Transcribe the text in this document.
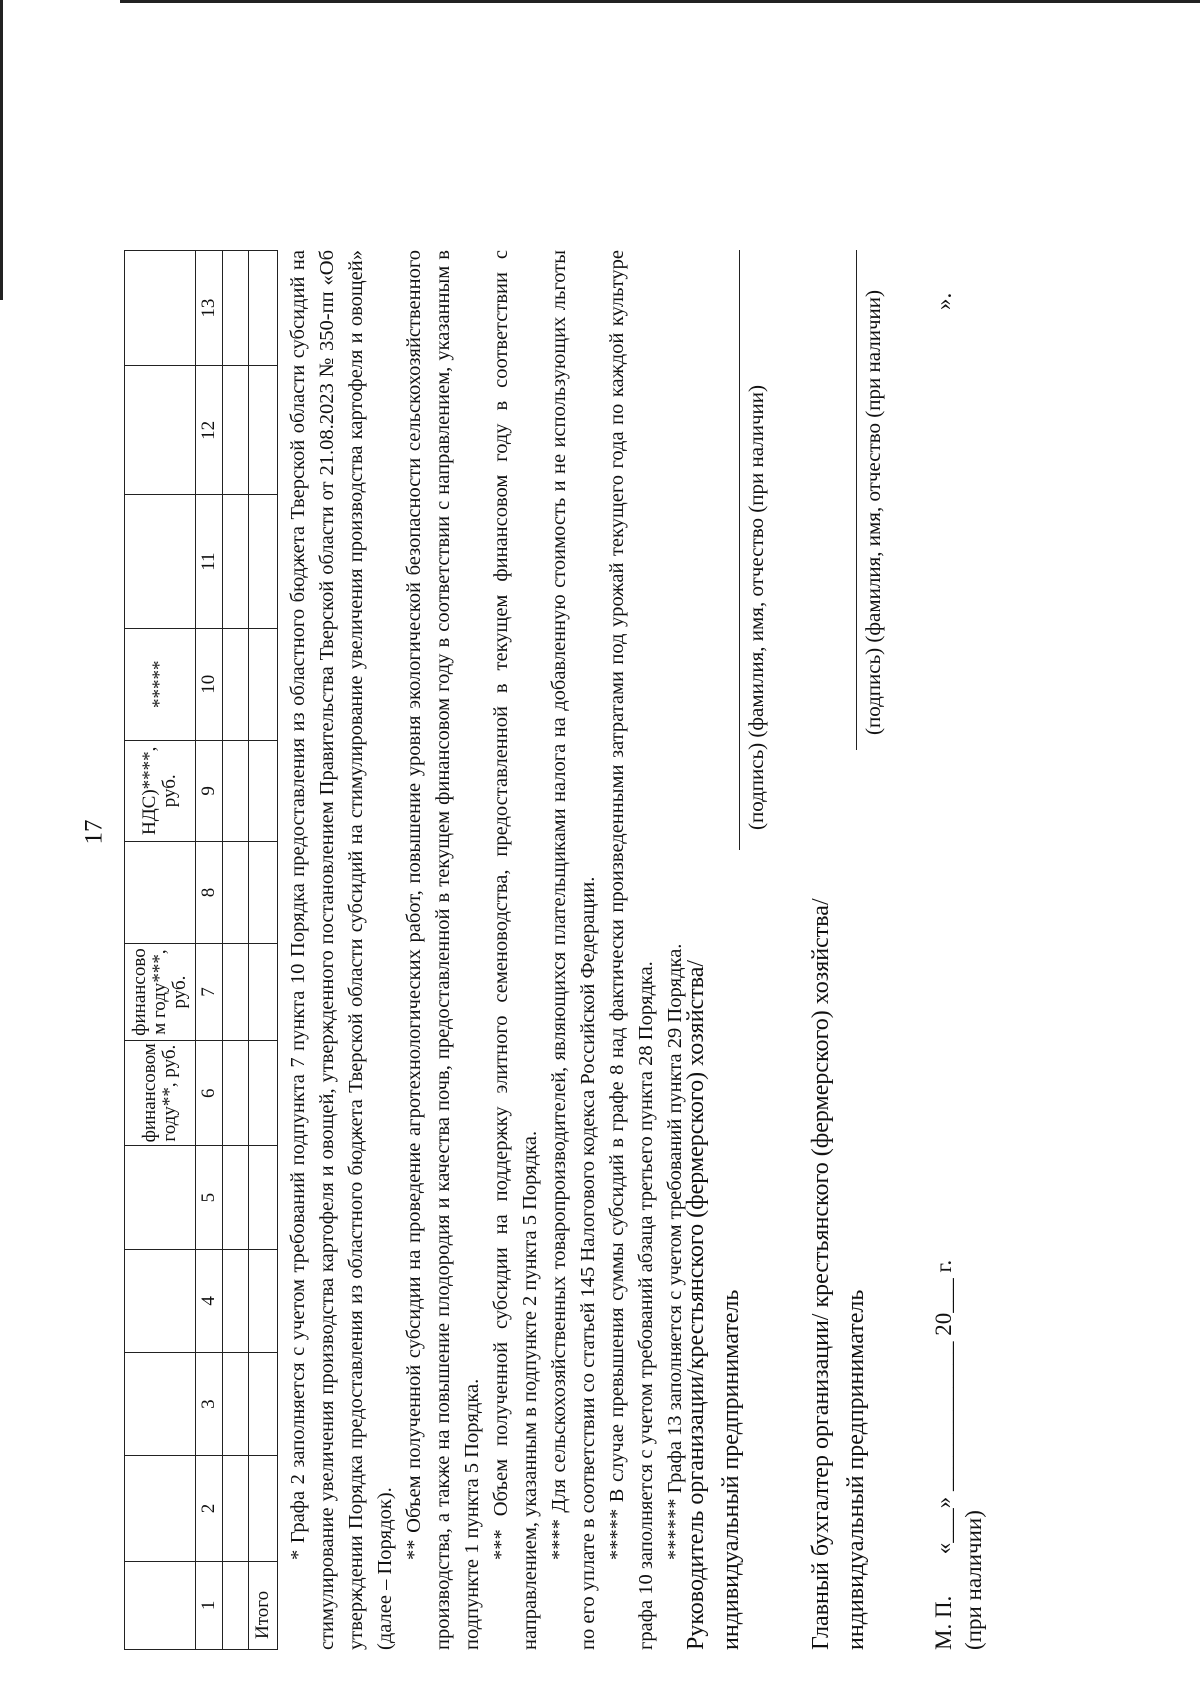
17
					финансовом году**, руб.	финансово м году***, руб.		НДС)****, руб.	*****			
1	2	3	4	5	6	7	8	9	10	11	12	13

Итого												

* Графа 2 заполняется с учетом требований подпункта 7 пункта 10 Порядка предоставления из областного бюджета Тверской области субсидий на стимулирование увеличения производства картофеля и овощей, утвержденного постановлением Правительства Тверской области от 21.08.2023 № 350-пп «Об утверждении Порядка предоставления из областного бюджета Тверской области субсидий на стимулирование увеличения производства картофеля и овощей» (далее – Порядок).

** Объем полученной субсидии на проведение агротехнологических работ, повышение уровня экологической безопасности сельскохозяйственного производства, а также на повышение плодородия и качества почв, предоставленной в текущем финансовом году в соответствии с направлением, указанным в подпункте 1 пункта 5 Порядка. *** Объем полученной субсидии на поддержку элитного семеноводства, предоставленной в текущем финансовом году в соответствии с направлением, указанным в подпункте 2 пункта 5 Порядка. **** Для сельскохозяйственных товаропроизводителей, являющихся плательщиками налога на добавленную стоимость и не использующих льготы по его уплате в соответствии со статьей 145 Налогового кодекса Российской Федерации. ***** В случае превышения суммы субсидий в графе 8 над фактически произведенными затратами под урожай текущего года по каждой культуре графа 10 заполняется с учетом требований абзаца третьего пункта 28 Порядка. ****** Графа 13 заполняется с учетом требований пункта 29 Порядка.

Руководитель организации/крестьянского (фермерского) хозяйства/ индивидуальный предприниматель
(подпись) (фамилия, имя, отчество (при наличии)
Главный бухгалтер организации/ крестьянского (фермерского) хозяйства/ индивидуальный предприниматель
(подпись) (фамилия, имя, отчество (при наличии)
М. П.  «___» _____________ 20___ г.
(при наличии)
».
